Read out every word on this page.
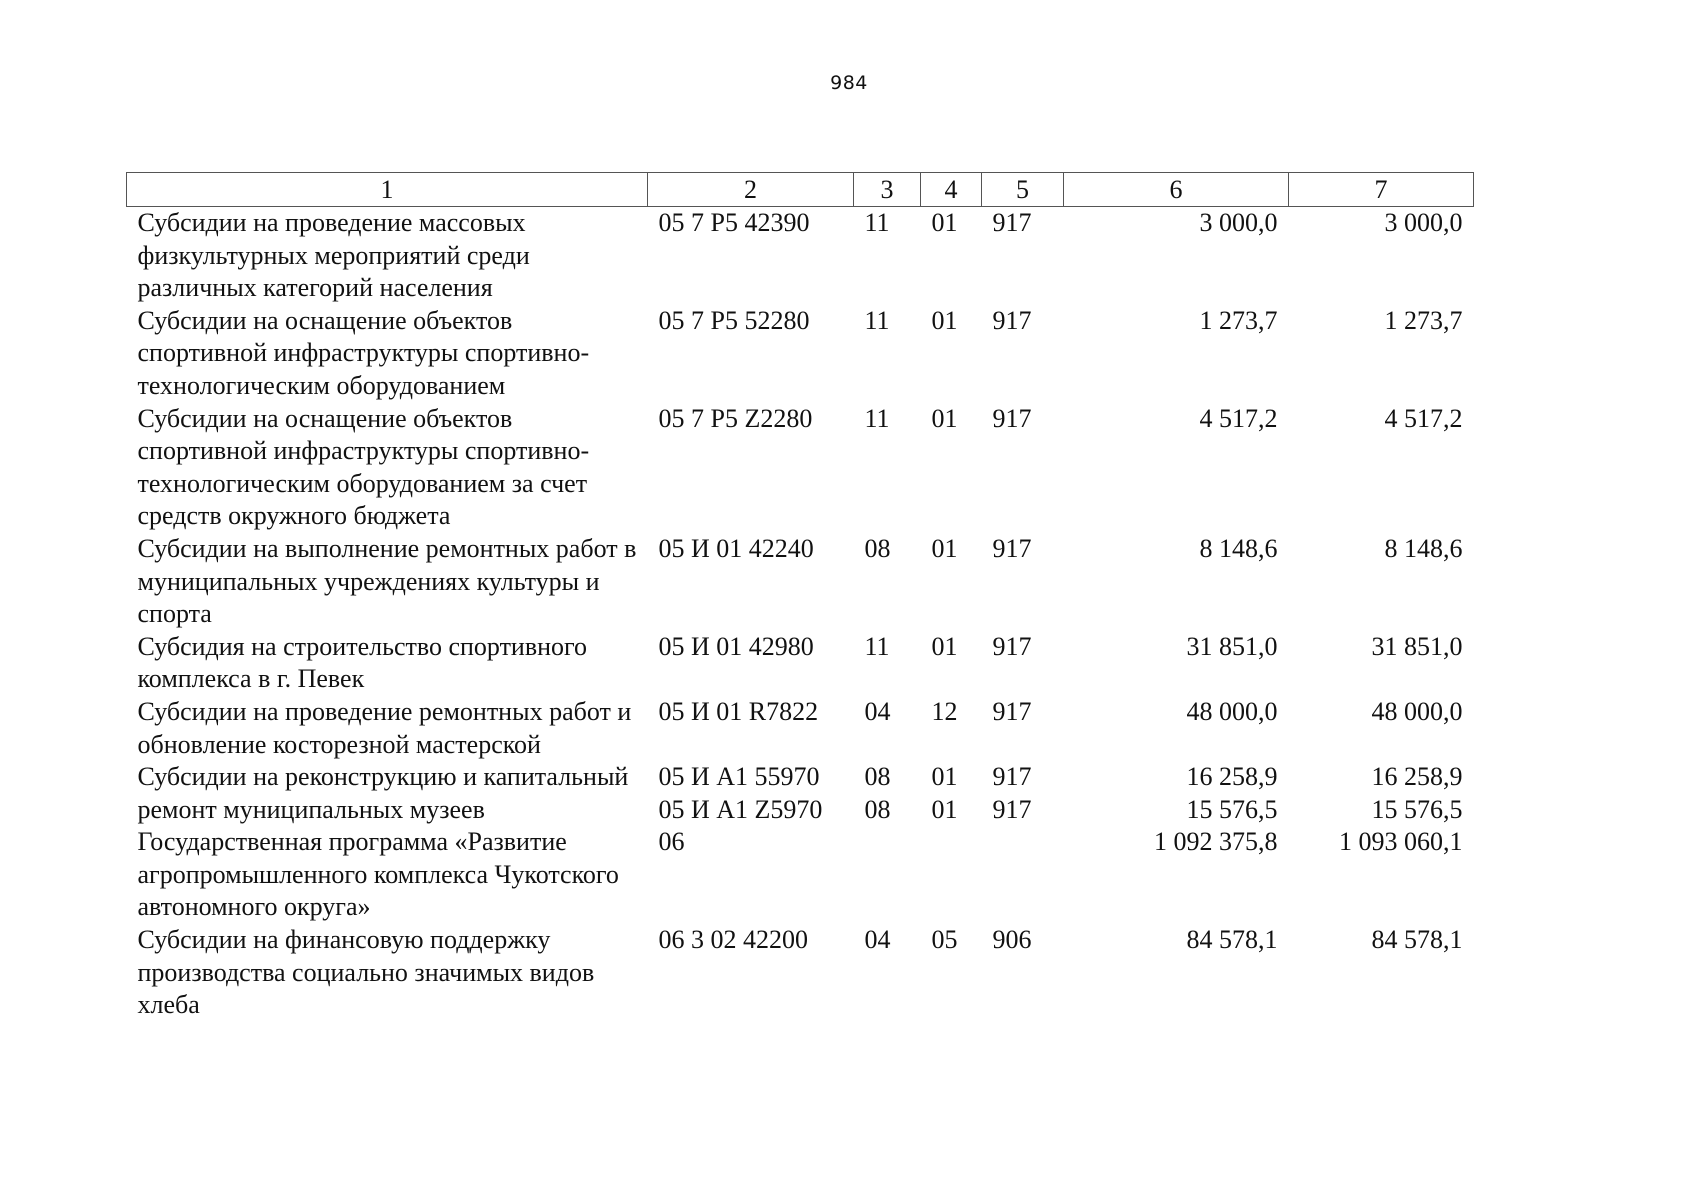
984
1	2	3	4	5	6	7
Субсидии на проведение массовых физкультурных мероприятий среди различных категорий населения	05 7 Р5 42390	11	01	917	3 000,0	3 000,0
Субсидии на оснащение объектов спортивной инфраструктуры спортивно-технологическим оборудованием	05 7 Р5 52280	11	01	917	1 273,7	1 273,7
Субсидии на оснащение объектов спортивной инфраструктуры спортивно-технологическим оборудованием за счет средств окружного бюджета	05 7 Р5 Z2280	11	01	917	4 517,2	4 517,2
Субсидии на выполнение ремонтных работ в муниципальных учреждениях культуры и спорта	05 И 01 42240	08	01	917	8 148,6	8 148,6
Субсидия на строительство спортивного комплекса в г. Певек	05 И 01 42980	11	01	917	31 851,0	31 851,0
Субсидии на проведение ремонтных работ и обновление косторезной мастерской	05 И 01 R7822	04	12	917	48 000,0	48 000,0
Субсидии на реконструкцию и капитальный	05 И А1 55970	08	01	917	16 258,9	16 258,9
ремонт муниципальных музеев	05 И А1 Z5970	08	01	917	15 576,5	15 576,5
Государственная программа «Развитие агропромышленного комплекса Чукотского автономного округа»	06				1 092 375,8	1 093 060,1
Субсидии на финансовую поддержку производства социально значимых видов хлеба	06 3 02 42200	04	05	906	84 578,1	84 578,1
